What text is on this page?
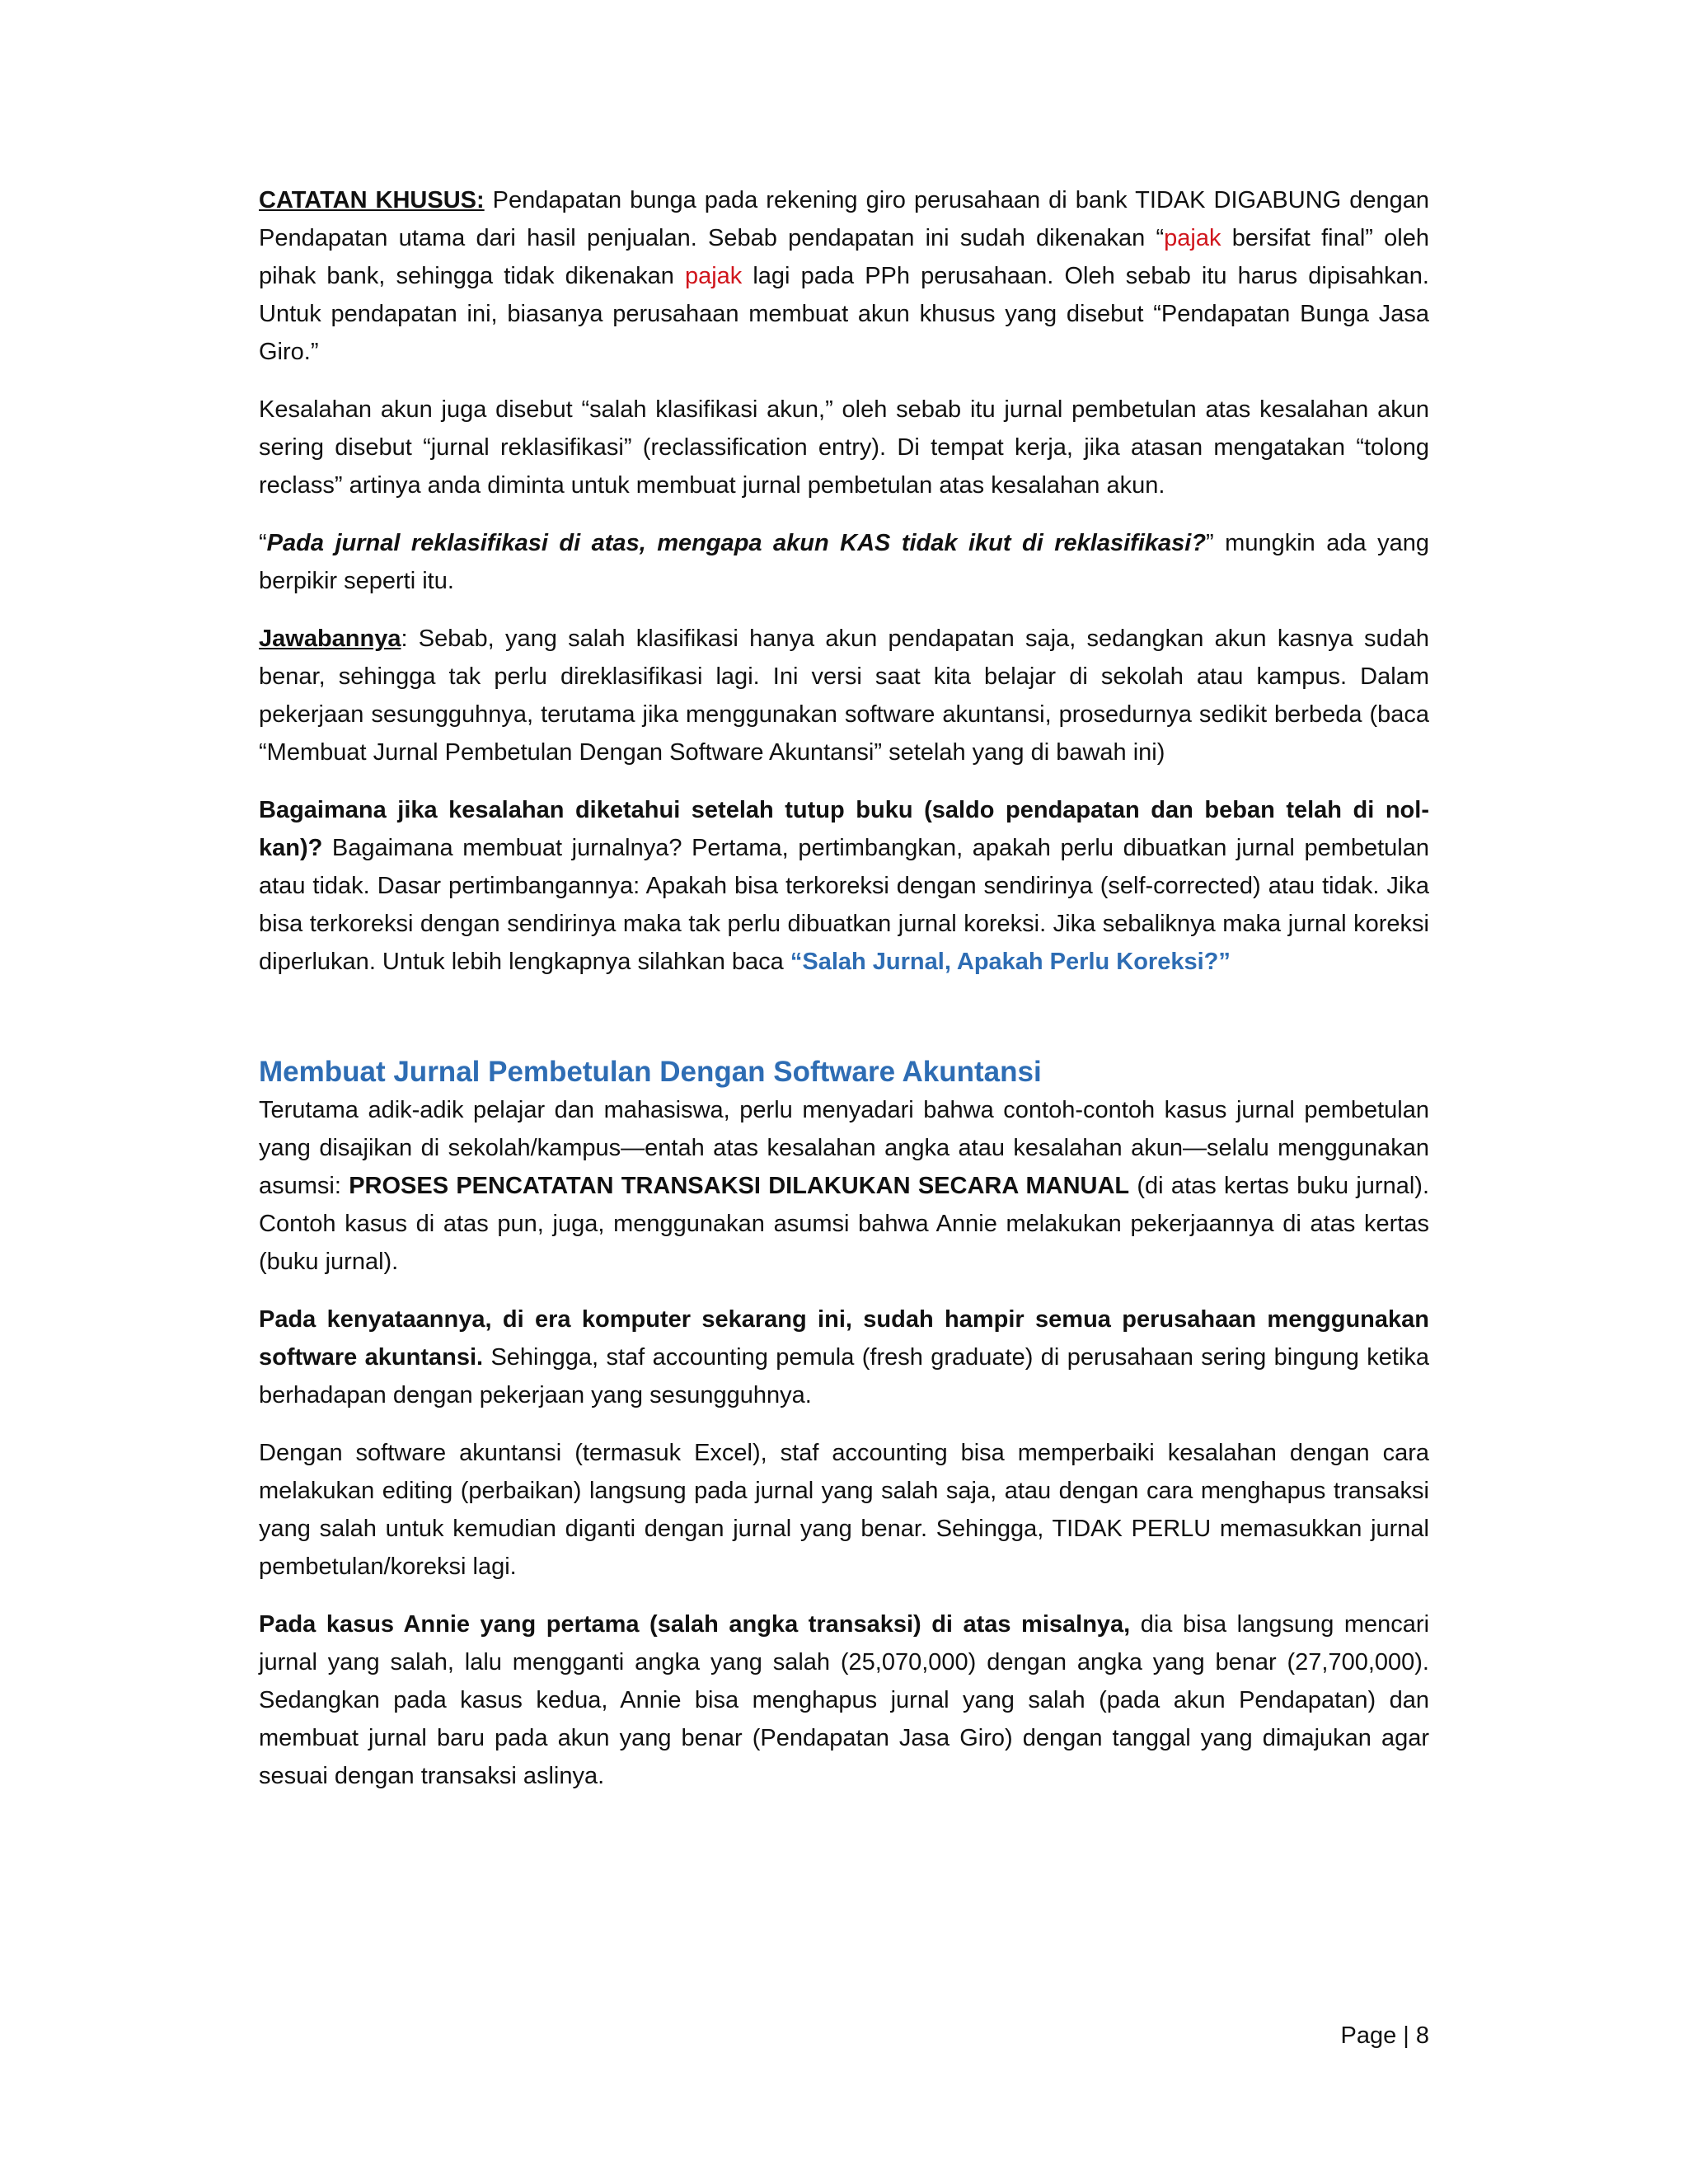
CATATAN KHUSUS: Pendapatan bunga pada rekening giro perusahaan di bank TIDAK DIGABUNG dengan Pendapatan utama dari hasil penjualan. Sebab pendapatan ini sudah dikenakan “pajak bersifat final” oleh pihak bank, sehingga tidak dikenakan pajak lagi pada PPh perusahaan. Oleh sebab itu harus dipisahkan. Untuk pendapatan ini, biasanya perusahaan membuat akun khusus yang disebut “Pendapatan Bunga Jasa Giro.”

Kesalahan akun juga disebut “salah klasifikasi akun,” oleh sebab itu jurnal pembetulan atas kesalahan akun sering disebut “jurnal reklasifikasi” (reclassification entry). Di tempat kerja, jika atasan mengatakan “tolong reclass” artinya anda diminta untuk membuat jurnal pembetulan atas kesalahan akun.

“Pada jurnal reklasifikasi di atas, mengapa akun KAS tidak ikut di reklasifikasi?” mungkin ada yang berpikir seperti itu.

Jawabannya: Sebab, yang salah klasifikasi hanya akun pendapatan saja, sedangkan akun kasnya sudah benar, sehingga tak perlu direklasifikasi lagi. Ini versi saat kita belajar di sekolah atau kampus. Dalam pekerjaan sesungguhnya, terutama jika menggunakan software akuntansi, prosedurnya sedikit berbeda (baca “Membuat Jurnal Pembetulan Dengan Software Akuntansi” setelah yang di bawah ini)

Bagaimana jika kesalahan diketahui setelah tutup buku (saldo pendapatan dan beban telah di nol-kan)? Bagaimana membuat jurnalnya? Pertama, pertimbangkan, apakah perlu dibuatkan jurnal pembetulan atau tidak. Dasar pertimbangannya: Apakah bisa terkoreksi dengan sendirinya (self-corrected) atau tidak. Jika bisa terkoreksi dengan sendirinya maka tak perlu dibuatkan jurnal koreksi. Jika sebaliknya maka jurnal koreksi diperlukan. Untuk lebih lengkapnya silahkan baca “Salah Jurnal, Apakah Perlu Koreksi?”

Membuat Jurnal Pembetulan Dengan Software Akuntansi

Terutama adik-adik pelajar dan mahasiswa, perlu menyadari bahwa contoh-contoh kasus jurnal pembetulan yang disajikan di sekolah/kampus—entah atas kesalahan angka atau kesalahan akun—selalu menggunakan asumsi: PROSES PENCATATAN TRANSAKSI DILAKUKAN SECARA MANUAL (di atas kertas buku jurnal). Contoh kasus di atas pun, juga, menggunakan asumsi bahwa Annie melakukan pekerjaannya di atas kertas (buku jurnal).

Pada kenyataannya, di era komputer sekarang ini, sudah hampir semua perusahaan menggunakan software akuntansi. Sehingga, staf accounting pemula (fresh graduate) di perusahaan sering bingung ketika berhadapan dengan pekerjaan yang sesungguhnya.

Dengan software akuntansi (termasuk Excel), staf accounting bisa memperbaiki kesalahan dengan cara melakukan editing (perbaikan) langsung pada jurnal yang salah saja, atau dengan cara menghapus transaksi yang salah untuk kemudian diganti dengan jurnal yang benar. Sehingga, TIDAK PERLU memasukkan jurnal pembetulan/koreksi lagi.

Pada kasus Annie yang pertama (salah angka transaksi) di atas misalnya, dia bisa langsung mencari jurnal yang salah, lalu mengganti angka yang salah (25,070,000) dengan angka yang benar (27,700,000). Sedangkan pada kasus kedua, Annie bisa menghapus jurnal yang salah (pada akun Pendapatan) dan membuat jurnal baru pada akun yang benar (Pendapatan Jasa Giro) dengan tanggal yang dimajukan agar sesuai dengan transaksi aslinya.

Page | 8
